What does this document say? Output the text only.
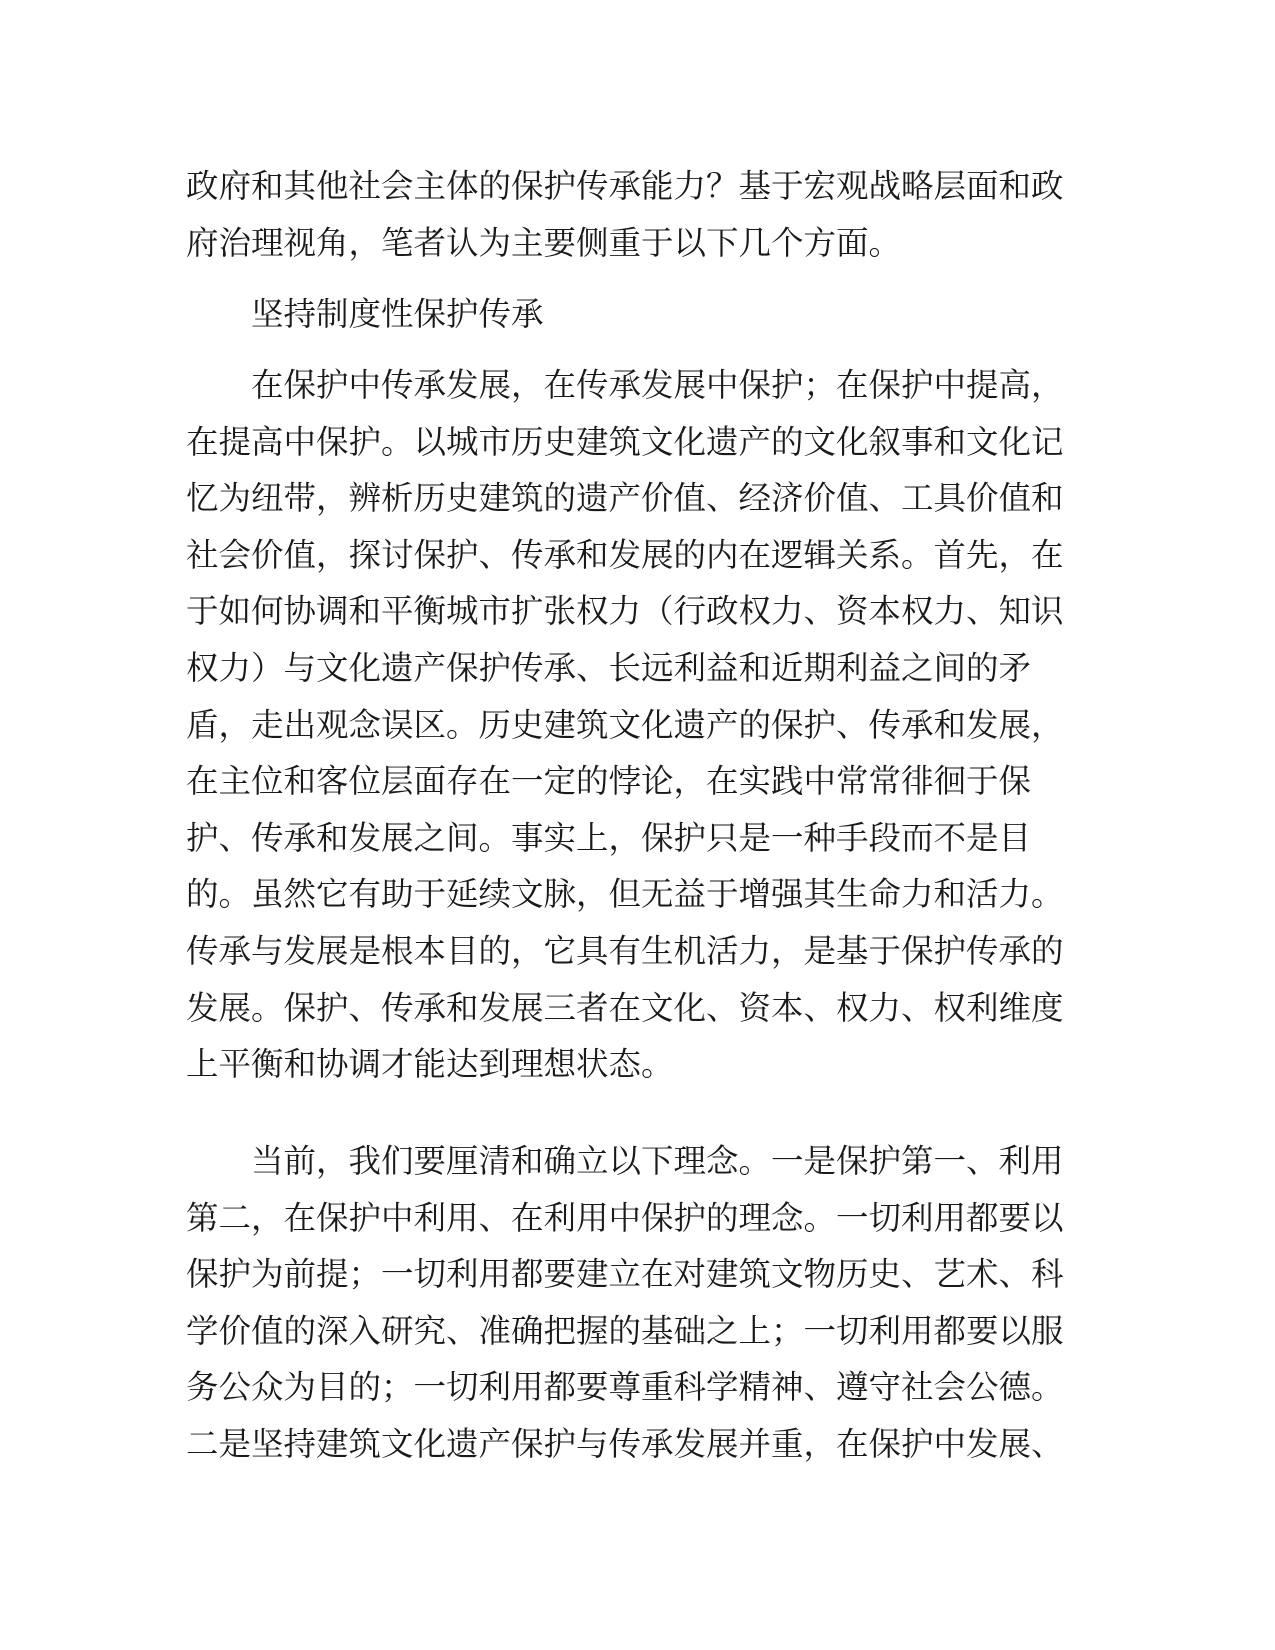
政府和其他社会主体的保护传承能力？基于宏观战略层面和政
府治理视角，笔者认为主要侧重于以下几个方面。
坚持制度性保护传承
在保护中传承发展，在传承发展中保护；在保护中提高，
在提高中保护。以城市历史建筑文化遗产的文化叙事和文化记
忆为纽带，辨析历史建筑的遗产价值、经济价值、工具价值和
社会价值，探讨保护、传承和发展的内在逻辑关系。首先，在
于如何协调和平衡城市扩张权力（行政权力、资本权力、知识
权力）与文化遗产保护传承、长远利益和近期利益之间的矛
盾，走出观念误区。历史建筑文化遗产的保护、传承和发展，
在主位和客位层面存在一定的悖论，在实践中常常徘徊于保
护、传承和发展之间。事实上，保护只是一种手段而不是目
的。虽然它有助于延续文脉，但无益于增强其生命力和活力。
传承与发展是根本目的，它具有生机活力，是基于保护传承的
发展。保护、传承和发展三者在文化、资本、权力、权利维度
上平衡和协调才能达到理想状态。
当前，我们要厘清和确立以下理念。一是保护第一、利用
第二，在保护中利用、在利用中保护的理念。一切利用都要以
保护为前提；一切利用都要建立在对建筑文物历史、艺术、科
学价值的深入研究、准确把握的基础之上；一切利用都要以服
务公众为目的；一切利用都要尊重科学精神、遵守社会公德。
二是坚持建筑文化遗产保护与传承发展并重，在保护中发展、
